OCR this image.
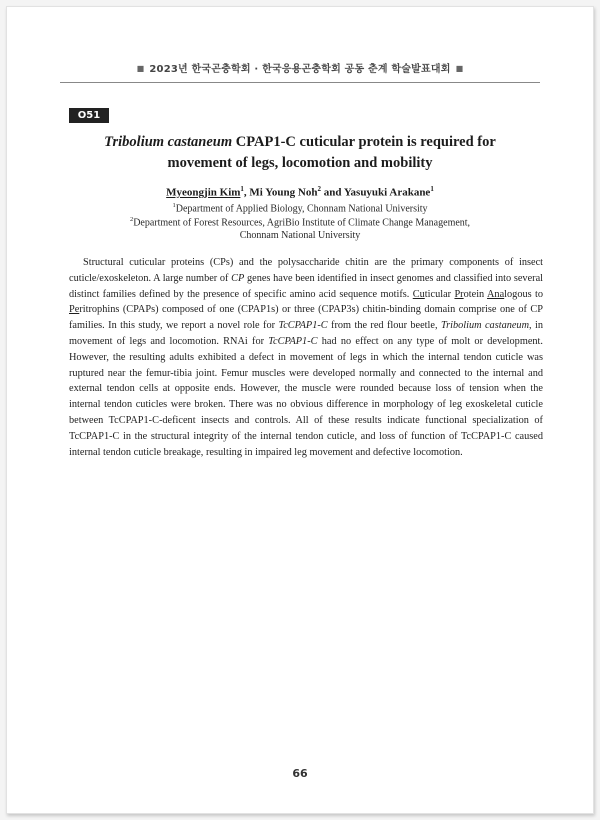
■ 2023년 한국곤충학회 · 한국응용곤충학회 공동 춘계 학술발표대회 ■
O51
Tribolium castaneum CPAP1-C cuticular protein is required for
movement of legs, locomotion and mobility
Myeongjin Kim$^1$, Mi Young Noh$^2$ and Yasuyuki Arakane$^1$
$^1$Department of Applied Biology, Chonnam National University
$^2$Department of Forest Resources, AgriBio Institute of Climate Change Management,
Chonnam National University

Structural cuticular proteins (CPs) and the polysaccharide chitin are the primary components of insect cuticle/exoskeleton. A large number of CP genes have been identified in insect genomes and classified into several distinct families defined by the presence of specific amino acid sequence motifs. Cuticular Protein Analogous to Peritrophins (CPAPs) composed of one (CPAP1s) or three (CPAP3s) chitin-binding domain comprise one of CP families. In this study, we report a novel role for TcCPAP1-C from the red flour beetle, Tribolium castaneum, in movement of legs and locomotion. RNAi for TcCPAP1-C had no effect on any type of molt or development. However, the resulting adults exhibited a defect in movement of legs in which the internal tendon cuticle was ruptured near the femur-tibia joint. Femur muscles were developed normally and connected to the internal and external tendon cells at opposite ends. However, the muscle were rounded because loss of tension when the internal tendon cuticles were broken. There was no obvious difference in morphology of leg exoskeletal cuticle between TcCPAP1-C-deficent insects and controls. All of these results indicate functional specialization of TcCPAP1-C in the structural integrity of the internal tendon cuticle, and loss of function of TcCPAP1-C caused internal tendon cuticle breakage, resulting in impaired leg movement and defective locomotion.

66
